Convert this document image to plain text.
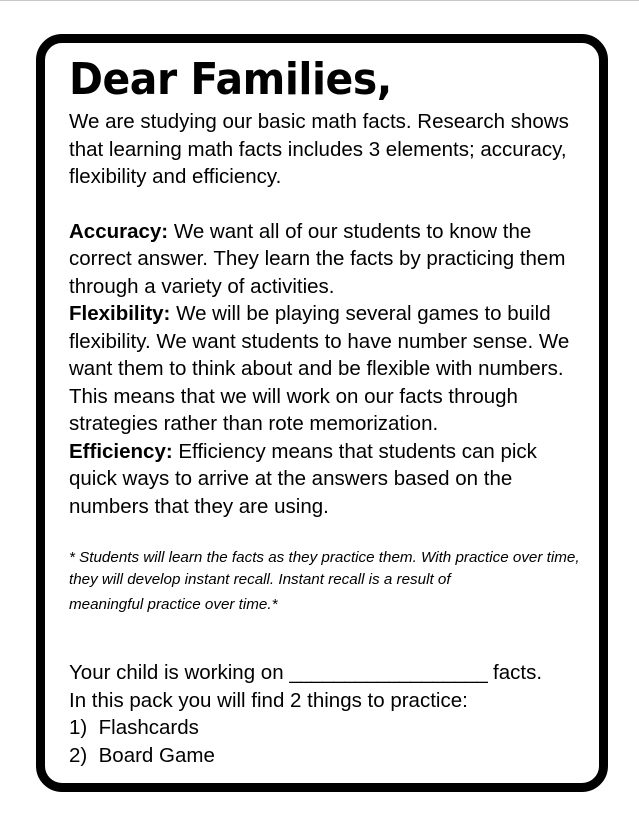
Dear Families,

We are studying our basic math facts. Research shows that learning math facts includes 3 elements; accuracy, flexibility and efficiency.

Accuracy: We want all of our students to know the correct answer. They learn the facts by practicing them through a variety of activities.

Flexibility: We will be playing several games to build flexibility. We want students to have number sense. We want them to think about and be flexible with numbers. This means that we will work on our facts through strategies rather than rote memorization.

Efficiency: Efficiency means that students can pick quick ways to arrive at the answers based on the numbers that they are using.

* Students will learn the facts as they practice them. With practice over time, they will develop instant recall. Instant recall is a result of
meaningful practice over time.*

Your child is working on __________________ facts.

In this pack you will find 2 things to practice:

1)  Flashcards

2)  Board Game
